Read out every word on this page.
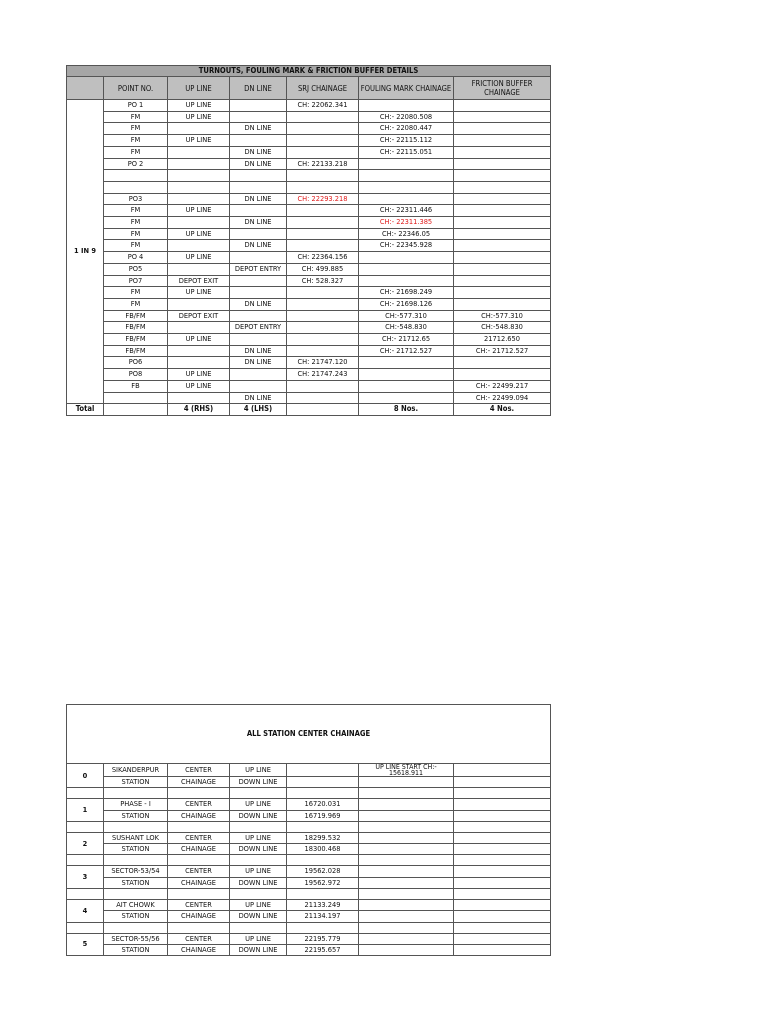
TURNOUTS, FOULING MARK & FRICTION BUFFER DETAILS						
	POINT NO.	UP LINE	DN LINE	SRJ CHAINAGE	FOULING MARK CHAINAGE	FRICTION BUFFER CHAINAGE
1 IN 9	PO 1	UP LINE		CH: 22062.341		
	FM	UP LINE			CH:- 22080.508	
	FM		DN LINE		CH:- 22080.447	
	FM	UP LINE			CH:- 22115.112	
	FM		DN LINE		CH:- 22115.051	
	PO 2		DN LINE	CH: 22133.218		

	PO3		DN LINE	CH: 22293.218		
	FM	UP LINE			CH:- 22311.446	
	FM		DN LINE		CH:- 22311.385	
	FM	UP LINE			CH:- 22346.05	
	FM		DN LINE		CH:- 22345.928	
	PO 4	UP LINE		CH: 22364.156		
	PO5		DEPOT ENTRY	CH: 499.885		
	PO7	DEPOT EXIT		CH: 528.327		
	FM	UP LINE			CH:- 21698.249	
	FM		DN LINE		CH:- 21698.126	
	FB/FM	DEPOT EXIT			CH:-577.310	CH:-577.310
	FB/FM		DEPOT ENTRY		CH:-548.830	CH:-548.830
	FB/FM	UP LINE			CH:- 21712.65	21712.650
	FB/FM		DN LINE		CH:- 21712.527	CH:- 21712.527
	PO6		DN LINE	CH: 21747.120		
	PO8	UP LINE		CH: 21747.243		
	FB	UP LINE				CH:- 22499.217
			DN LINE			CH:- 22499.094
Total		4 (RHS)	4 (LHS)		8 Nos.	4 Nos.
ALL STATION CENTER CHAINAGE						
0	SIKANDERPUR	CENTER	UP LINE		UP LINE START CH:- 15618.911	
	STATION	CHAINAGE	DOWN LINE			

1	PHASE - I	CENTER	UP LINE	16720.031		
	STATION	CHAINAGE	DOWN LINE	16719.969		

2	SUSHANT LOK	CENTER	UP LINE	18299.532		
	STATION	CHAINAGE	DOWN LINE	18300.468		

3	SECTOR-53/54	CENTER	UP LINE	19562.028		
	STATION	CHAINAGE	DOWN LINE	19562.972		

4	AIT CHOWK	CENTER	UP LINE	21133.249		
	STATION	CHAINAGE	DOWN LINE	21134.197		

5	SECTOR-55/56	CENTER	UP LINE	22195.779		
	STATION	CHAINAGE	DOWN LINE	22195.657		
